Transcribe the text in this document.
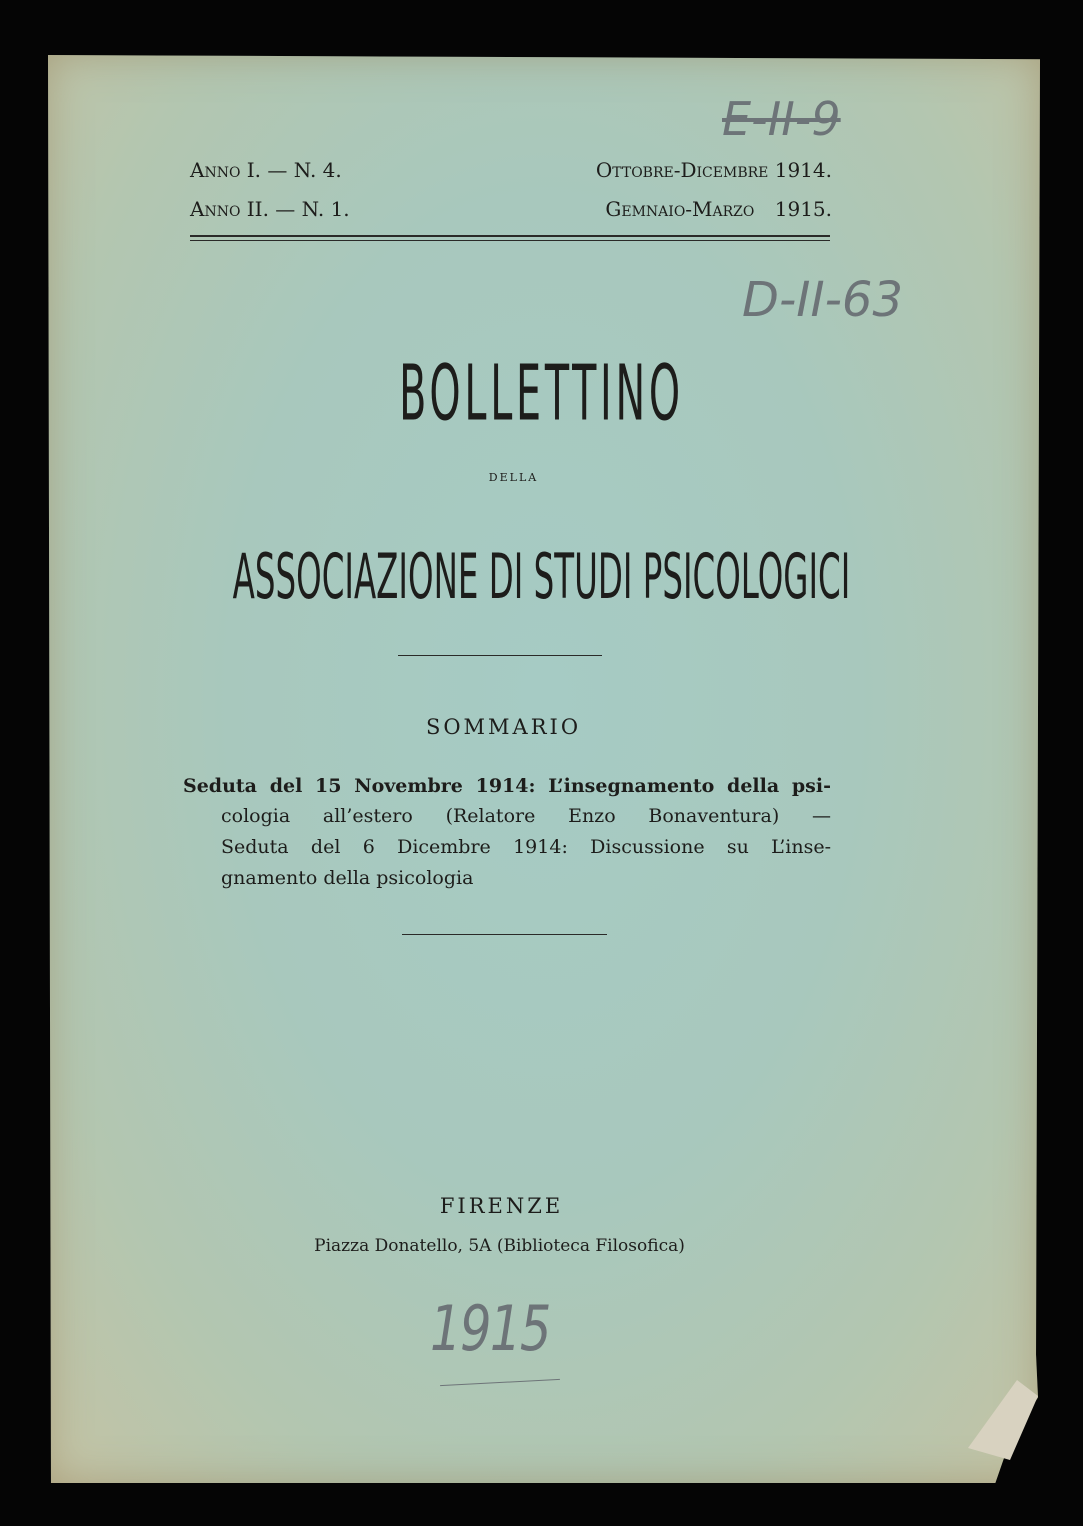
Anno I. — N. 4.	Ottobre-Dicembre 1914.
Anno II. — N. 1.	Gemnaio-Marzo 1915.
BOLLETTINO
della
ASSOCIAZIONE DI STUDI PSICOLOGICI
SOMMARIO
Seduta del 15 Novembre 1914: L’insegnamento della psi-
cologia all’estero (Relatore Enzo Bonaventura) —
Seduta del 6 Dicembre 1914: Discussione su L’inse-
gnamento della psicologia
FIRENZE
Piazza Donatello, 5A (Biblioteca Filosofica)
E-II-9
D-II-63
1915
